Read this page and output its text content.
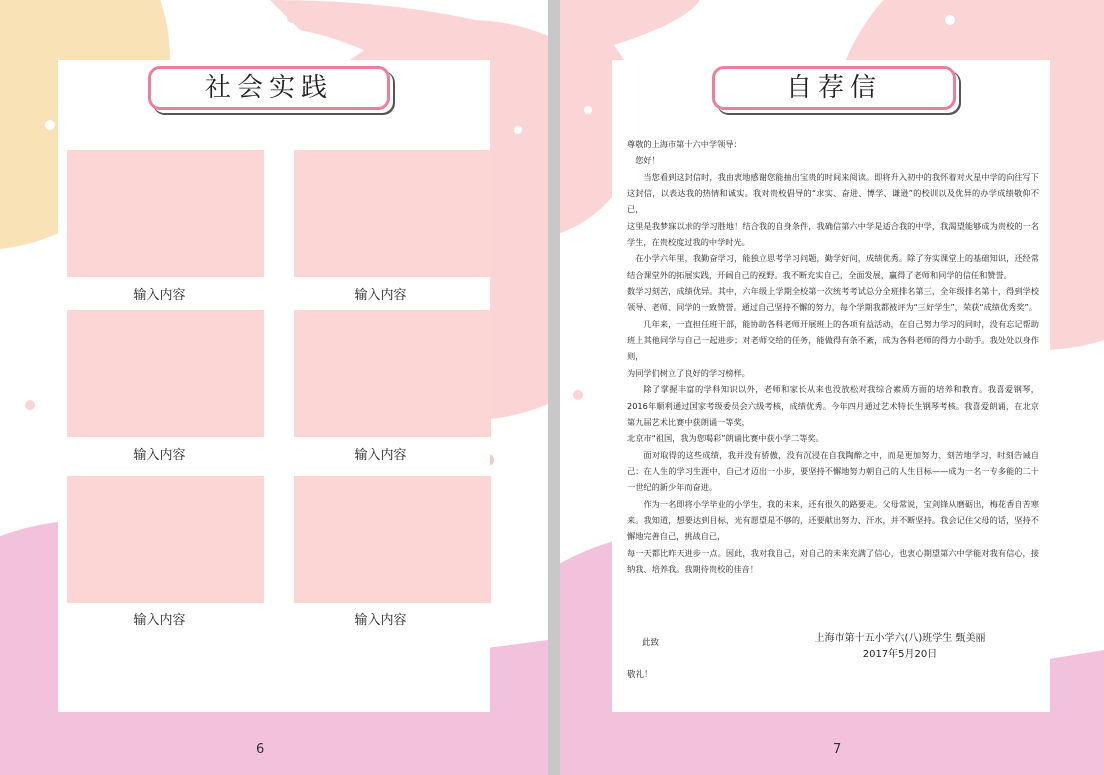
社会实践
输入内容	输入内容
输入内容	输入内容
输入内容	输入内容
6
自荐信

尊敬的上海市第十六中学领导：

您好！

当您看到这封信时，我由衷地感谢您能抽出宝贵的时间来阅读。即将升入初中的我怀着对火星中学的向往写下这封信，以表达我的热情和诚实。我对贵校倡导的“求实、奋进、博学、谦逊”的校训以及优异的办学成绩敬仰不已，

这里是我梦寐以求的学习胜地！结合我的自身条件，我确信第六中学是适合我的中学，我渴望能够成为贵校的一名学生，在贵校度过我的中学时光。

在小学六年里，我勤奋学习，能独立思考学习问题，勤学好问，成绩优秀。除了夯实课堂上的基础知识，还经常结合课堂外的拓展实践，开阔自己的视野。我不断充实自己，全面发展，赢得了老师和同学的信任和赞誉。

数学习刻苦，成绩优异。其中，六年级上学期全校第一次统考考试总分全班排名第三，全年级排名第十，得到学校领导、老师、同学的一致赞誉。通过自己坚持不懈的努力，每个学期我都被评为“三好学生”，荣获“成绩优秀奖”。

几年来，一直担任班干部，能协助各科老师开展班上的各项有益活动，在自己努力学习的同时，没有忘记帮助班上其他同学与自己一起进步；对老师交给的任务，能做得有条不紊，成为各科老师的得力小助手。我处处以身作则，

为同学们树立了良好的学习榜样。

除了掌握丰富的学科知识以外，老师和家长从来也没放松对我综合素质方面的培养和教育。我喜爱钢琴，2016年顺利通过国家考级委员会六级考核，成绩优秀。今年四月通过艺术特长生钢琴考核。我喜爱朗诵，在北京第九届艺术比赛中获朗诵一等奖，

北京市“祖国，我为您喝彩”朗诵比赛中获小学二等奖。

面对取得的这些成绩，我并没有骄傲，没有沉浸在自我陶醉之中，而是更加努力、刻苦地学习，时刻告诫自己：在人生的学习生涯中，自己才迈出一小步，要坚持不懈地努力朝自己的人生目标——成为一名一专多能的二十一世纪的新少年而奋进。

作为一名即将小学毕业的小学生，我的未来，还有很久的路要走。父母常说，宝剑锋从磨砺出，梅花香自苦寒来。我知道，想要达到目标，光有愿望是不够的，还要献出努力、汗水，并不断坚持。我会记住父母的话，坚持不懈地完善自己，挑战自己，

每一天都比昨天进步一点。因此，我对我自己，对自己的未来充满了信心，也衷心期望第六中学能对我有信心，接纳我、培养我。我期待贵校的佳音！

此致	上海市第十五小学六(八)班学生 甄美丽
2017年5月20日
敬礼！
7
